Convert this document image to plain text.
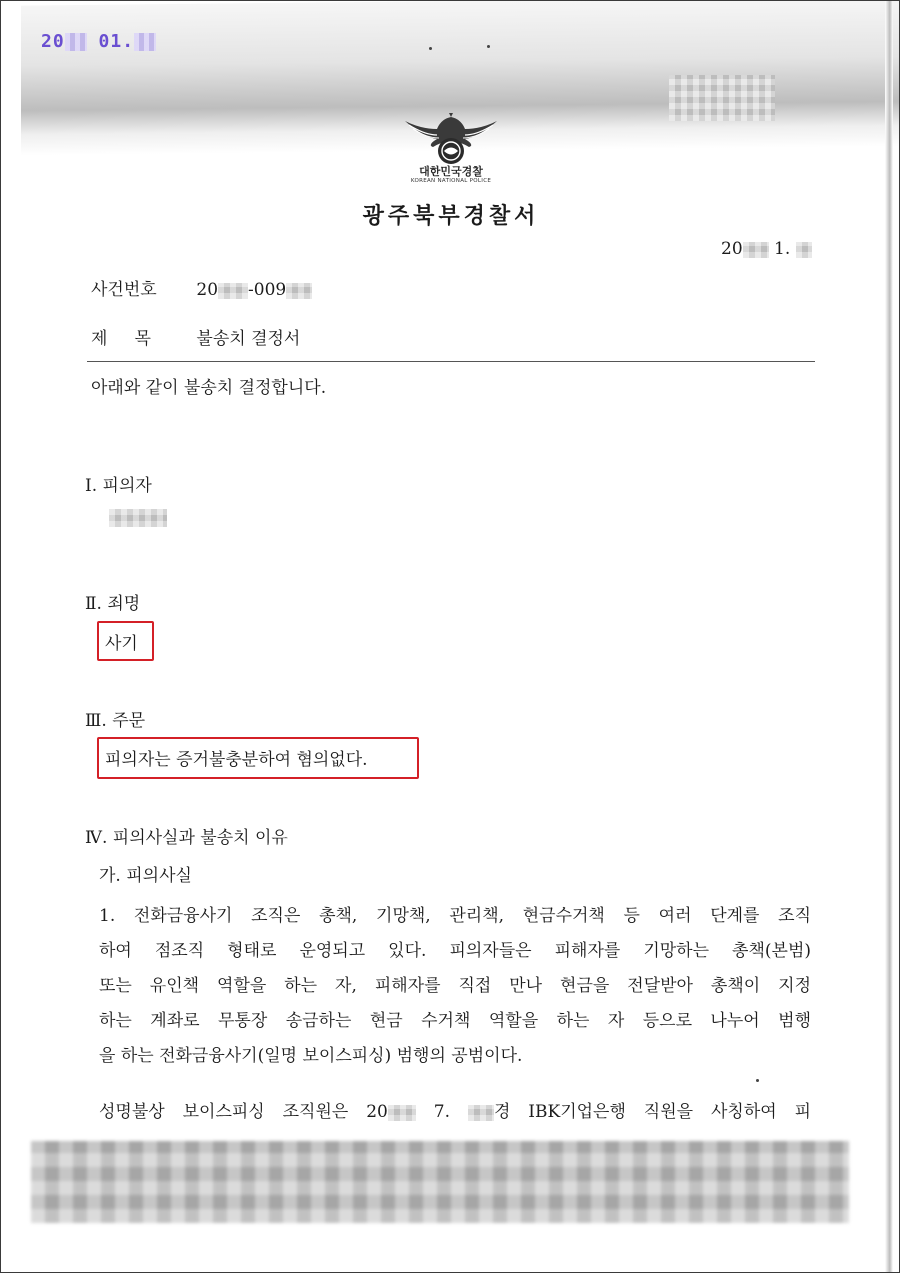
20 01.
대한민국경찰
KOREAN NATIONAL POLICE
광주북부경찰서
20 1.
사건번호 20 -009
제     목	불송치 결정서
아래와 같이 불송치 결정합니다.
Ⅰ. 피의자
Ⅱ. 죄명
사기
Ⅲ. 주문
피의자는 증거불충분하여 혐의없다.
Ⅳ. 피의사실과 불송치 이유
가. 피의사실
1. 전화금융사기 조직은 총책, 기망책, 관리책, 현금수거책 등 여러 단계를 조직
하여 점조직 형태로 운영되고 있다. 피의자들은 피해자를 기망하는 총책(본범)
또는 유인책 역할을 하는 자, 피해자를 직접 만나 현금을 전달받아 총책이 지정
하는 계좌로 무통장 송금하는 현금 수거책 역할을 하는 자 등으로 나누어 범행
을 하는 전화금융사기(일명 보이스피싱) 범행의 공범이다.
성명불상 보이스피싱 조직원은 20	7.	경 IBK기업은행 직원을 사칭하여 피
